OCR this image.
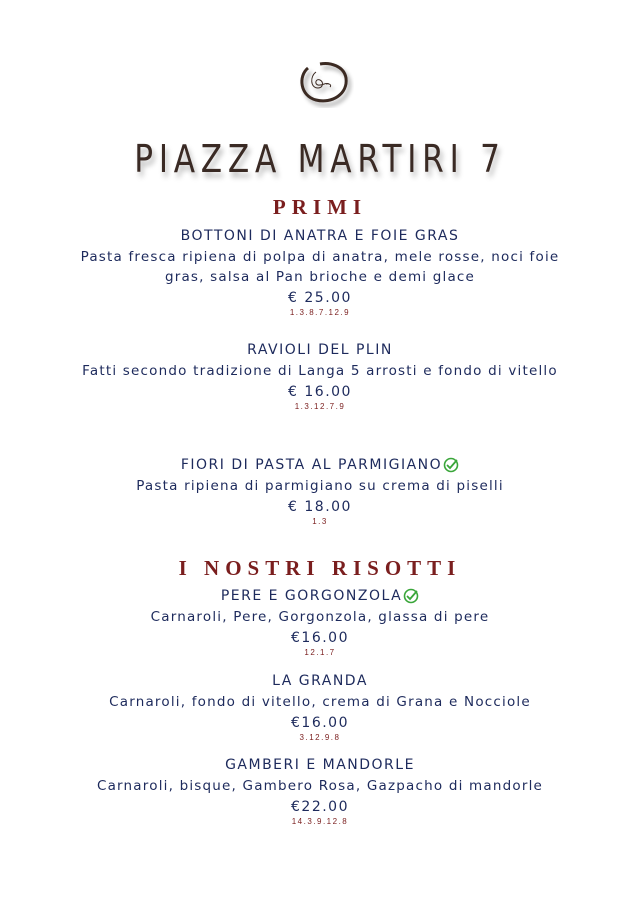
PIAZZA MARTIRI 7
PRIMI
BOTTONI DI ANATRA E FOIE GRAS
Pasta fresca ripiena di polpa di anatra, mele rosse, noci foie gras, salsa al Pan brioche e demi glace
€ 25.00
1.3.8.7.12.9
RAVIOLI DEL PLIN
Fatti secondo tradizione di Langa 5 arrosti e fondo di vitello
€ 16.00
1.3.12.7.9
FIORI DI PASTA AL PARMIGIANO
Pasta ripiena di parmigiano su crema di piselli
€ 18.00
1.3
I NOSTRI RISOTTI
PERE E GORGONZOLA
Carnaroli, Pere, Gorgonzola, glassa di pere
€16.00
12.1.7
LA GRANDA
Carnaroli, fondo di vitello, crema di Grana e Nocciole
€16.00
3.12.9.8
GAMBERI E MANDORLE
Carnaroli, bisque, Gambero Rosa, Gazpacho di mandorle
€22.00
14.3.9.12.8
